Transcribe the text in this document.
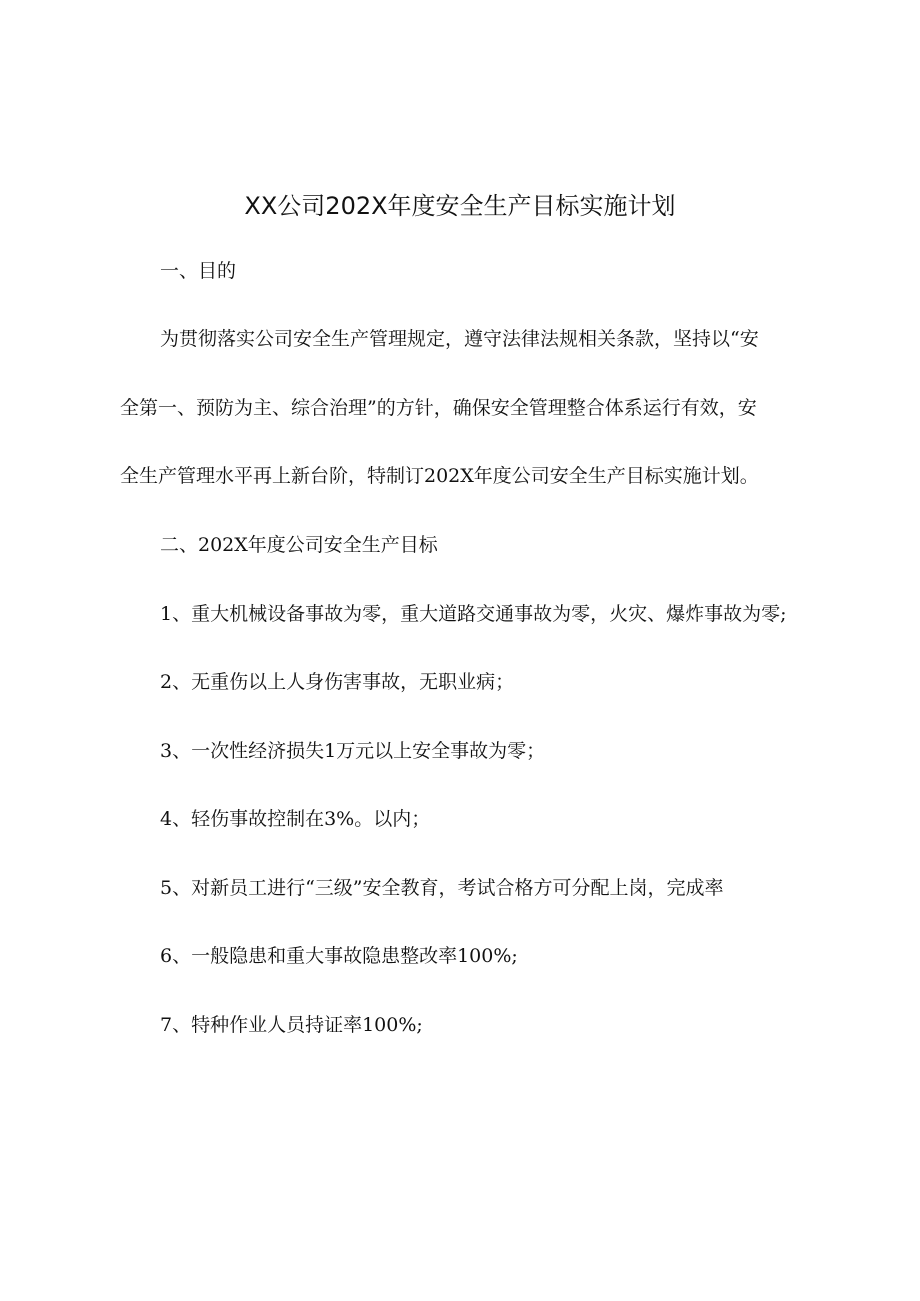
XX公司202X年度安全生产目标实施计划

一、目的

为贯彻落实公司安全生产管理规定，遵守法律法规相关条款，坚持以“安

全第一、预防为主、综合治理”的方针，确保安全管理整合体系运行有效，安

全生产管理水平再上新台阶，特制订202X年度公司安全生产目标实施计划。

二、202X年度公司安全生产目标

1、重大机械设备事故为零，重大道路交通事故为零，火灾、爆炸事故为零;

2、无重伤以上人身伤害事故，无职业病；

3、一次性经济损失1万元以上安全事故为零；

4、轻伤事故控制在3%。以内；

5、对新员工进行“三级”安全教育，考试合格方可分配上岗，完成率

6、一般隐患和重大事故隐患整改率100%;

7、特种作业人员持证率100%;
